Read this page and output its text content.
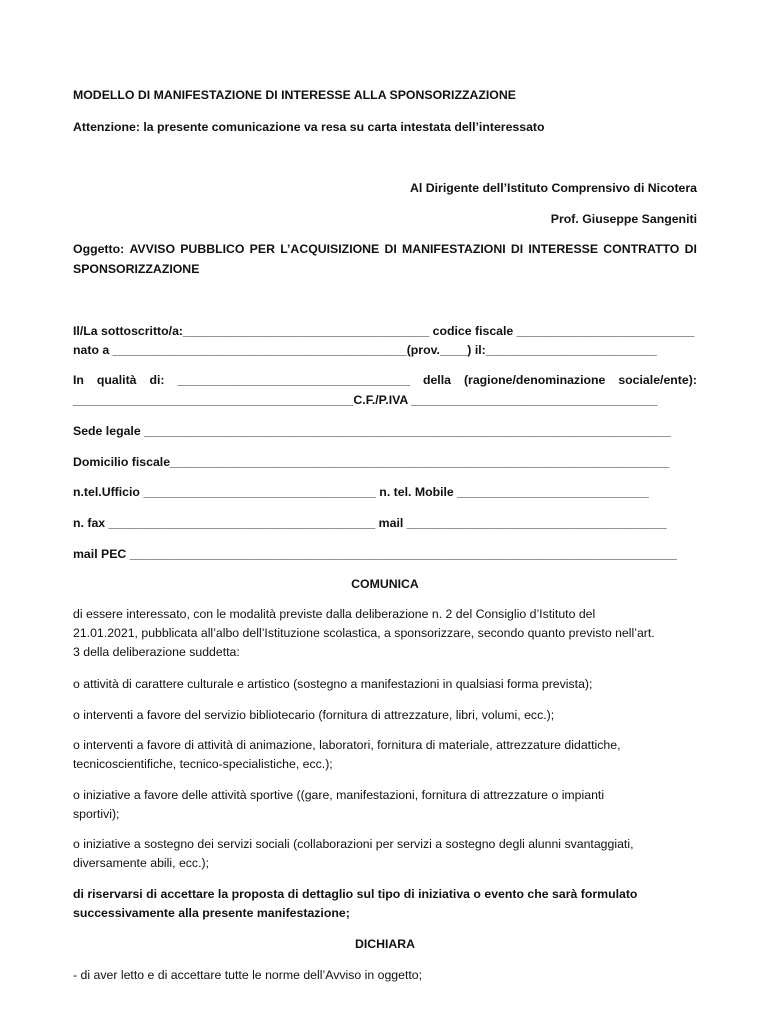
MODELLO DI MANIFESTAZIONE DI INTERESSE ALLA SPONSORIZZAZIONE
Attenzione: la presente comunicazione va resa su carta intestata dell’interessato
Al Dirigente dell’Istituto Comprensivo di Nicotera
Prof. Giuseppe Sangeniti
Oggetto: AVVISO PUBBLICO PER L’ACQUISIZIONE DI MANIFESTAZIONI DI INTERESSE CONTRATTO DI
SPONSORIZZAZIONE
Il/La sottoscritto/a:____________________________________ codice fiscale __________________________
nato a ___________________________________________(prov.____) il:_________________________
In qualità di: __________________________________ della (ragione/denominazione sociale/ente):
_________________________________________C.F./P.IVA ____________________________________
Sede legale _____________________________________________________________________________
Domicilio fiscale_________________________________________________________________________
n.tel.Ufficio __________________________________ n. tel. Mobile ____________________________
n. fax _______________________________________ mail ______________________________________
mail PEC ________________________________________________________________________________
COMUNICA
di essere interessato, con le modalità previste dalla deliberazione n. 2 del Consiglio d’Istituto del
21.01.2021, pubblicata all’albo dell’Istituzione scolastica, a sponsorizzare, secondo quanto previsto nell’art.
3 della deliberazione suddetta:
o attività di carattere culturale e artistico (sostegno a manifestazioni in qualsiasi forma prevista);
o interventi a favore del servizio bibliotecario (fornitura di attrezzature, libri, volumi, ecc.);
o interventi a favore di attività di animazione, laboratori, fornitura di materiale, attrezzature didattiche,
tecnicoscientifiche, tecnico-specialistiche, ecc.);
o iniziative a favore delle attività sportive ((gare, manifestazioni, fornitura di attrezzature o impianti
sportivi);
o iniziative a sostegno dei servizi sociali (collaborazioni per servizi a sostegno degli alunni svantaggiati,
diversamente abili, ecc.);
di riservarsi di accettare la proposta di dettaglio sul tipo di iniziativa o evento che sarà formulato
successivamente alla presente manifestazione;
DICHIARA
- di aver letto e di accettare tutte le norme dell’Avviso in oggetto;
